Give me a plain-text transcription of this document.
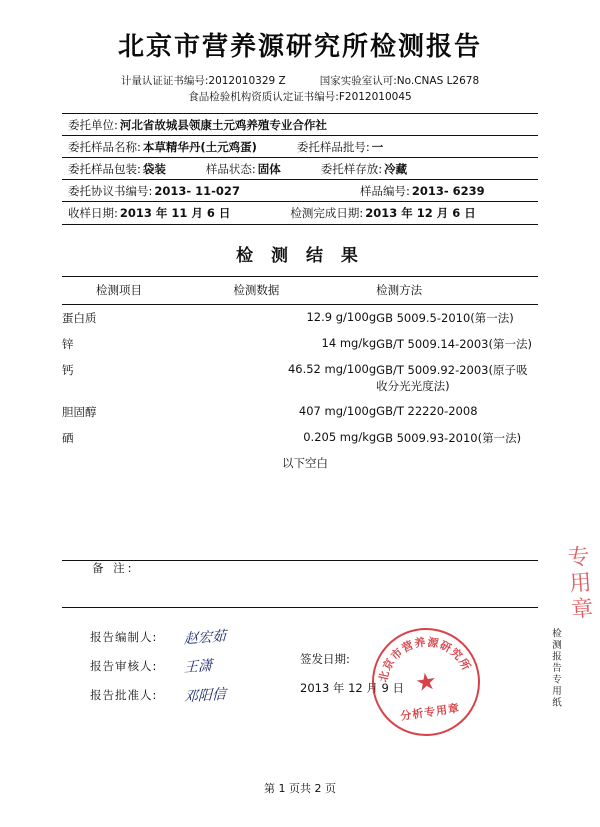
北京市营养源研究所检测报告
计量认证证书编号:2012010329 Z	国家实验室认可:No.CNAS L2678
食品检验机构资质认定证书编号:F2012010045
委托单位: 河北省故城县领康土元鸡养殖专业合作社
委托样品名称: 本草精华丹(土元鸡蛋)	委托样品批号: 一
委托样品包装: 袋装	样品状态: 固体	委托样存放: 冷藏
委托协议书编号: 2013- 11-027	样品编号: 2013- 6239
收样日期: 2013 年 11 月 6 日	检测完成日期: 2013 年 12 月 6 日
检 测 结 果
检测项目	检测数据	检测方法
蛋白质	12.9 g/100g	GB 5009.5-2010(第一法)
锌	14 mg/kg	GB/T 5009.14-2003(第一法)
钙	46.52 mg/100g	GB/T 5009.92-2003(原子吸收分光光度法)
胆固醇	407 mg/100g	GB/T 22220-2008
硒	0.205 mg/kg	GB 5009.93-2010(第一法)
以下空白
备 注:
报告编制人:	赵宏茹
报告审核人:	王潇
报告批准人:	邓阳信
签发日期:
2013 年 12 月 9 日
北京市营养源研究所
★
分析专用章
检测报告专用纸
专用章
第 1 页共 2 页
